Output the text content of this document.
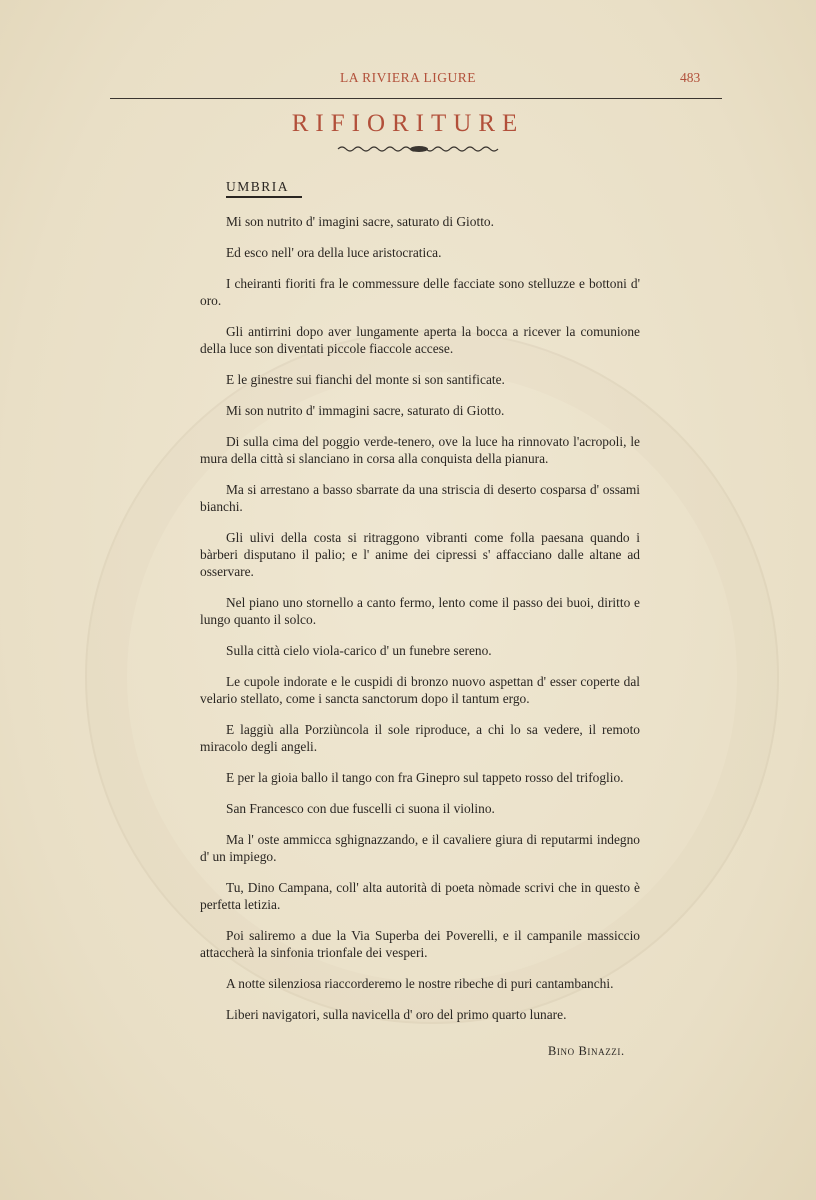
LA RIVIERA LIGURE	483
RIFIORITURE
UMBRIA

Mi son nutrito d' imagini sacre, saturato di Giotto.

Ed esco nell' ora della luce aristocratica.

I cheiranti fioriti fra le commessure delle facciate sono stelluzze e bottoni d' oro.

Gli antirrini dopo aver lungamente aperta la bocca a ricever la comunione della luce son diventati piccole fiaccole accese.

E le ginestre sui fianchi del monte si son santificate.

Mi son nutrito d' immagini sacre, saturato di Giotto.

Di sulla cima del poggio verde-tenero, ove la luce ha rinnovato l'acropoli, le mura della città si slanciano in corsa alla conquista della pianura.

Ma si arrestano a basso sbarrate da una striscia di deserto cosparsa d' ossami bianchi.

Gli ulivi della costa si ritraggono vibranti come folla paesana quando i bàrberi disputano il palio; e l' anime dei cipressi s' affacciano dalle altane ad osservare.

Nel piano uno stornello a canto fermo, lento come il passo dei buoi, diritto e lungo quanto il solco.

Sulla città cielo viola-carico d' un funebre sereno.

Le cupole indorate e le cuspidi di bronzo nuovo aspettan d' esser coperte dal velario stellato, come i sancta sanctorum dopo il tantum ergo.

E laggiù alla Porziùncola il sole riproduce, a chi lo sa vedere, il remoto miracolo degli angeli.

E per la gioia ballo il tango con fra Ginepro sul tappeto rosso del trifoglio.

San Francesco con due fuscelli ci suona il violino.

Ma l' oste ammicca sghignazzando, e il cavaliere giura di reputarmi indegno d' un impiego.

Tu, Dino Campana, coll' alta autorità di poeta nòmade scrivi che in questo è perfetta letizia.

Poi saliremo a due la Via Superba dei Poverelli, e il campanile massiccio attaccherà la sinfonia trionfale dei vesperi.

A notte silenziosa riaccorderemo le nostre ribeche di puri cantambanchi.

Liberi navigatori, sulla navicella d' oro del primo quarto lunare.

Bino Binazzi.
